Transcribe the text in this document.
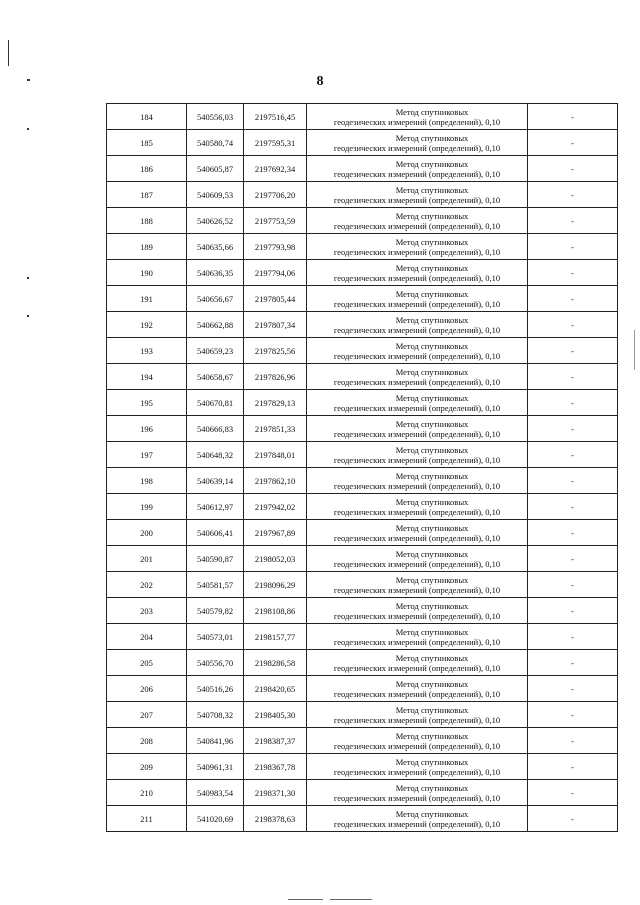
8
184	540556,03	2197516,45	Метод спутниковых
геодезических измерений (определений), 0,10	-
185	540580,74	2197595,31	Метод спутниковых
геодезических измерений (определений), 0,10	-
186	540605,87	2197692,34	Метод спутниковых
геодезических измерений (определений), 0,10	-
187	540609,53	2197706,20	Метод спутниковых
геодезических измерений (определений), 0,10	-
188	540626,52	2197753,59	Метод спутниковых
геодезических измерений (определений), 0,10	-
189	540635,66	2197793,98	Метод спутниковых
геодезических измерений (определений), 0,10	-
190	540636,35	2197794,06	Метод спутниковых
геодезических измерений (определений), 0,10	-
191	540656,67	2197805,44	Метод спутниковых
геодезических измерений (определений), 0,10	-
192	540662,88	2197807,34	Метод спутниковых
геодезических измерений (определений), 0,10	-
193	540659,23	2197825,56	Метод спутниковых
геодезических измерений (определений), 0,10	-
194	540658,67	2197826,96	Метод спутниковых
геодезических измерений (определений), 0,10	-
195	540670,81	2197829,13	Метод спутниковых
геодезических измерений (определений), 0,10	-
196	540666,83	2197851,33	Метод спутниковых
геодезических измерений (определений), 0,10	-
197	540648,32	2197848,01	Метод спутниковых
геодезических измерений (определений), 0,10	-
198	540639,14	2197862,10	Метод спутниковых
геодезических измерений (определений), 0,10	-
199	540612,97	2197942,02	Метод спутниковых
геодезических измерений (определений), 0,10	-
200	540606,41	2197967,89	Метод спутниковых
геодезических измерений (определений), 0,10	-
201	540590,87	2198052,03	Метод спутниковых
геодезических измерений (определений), 0,10	-
202	540581,57	2198096,29	Метод спутниковых
геодезических измерений (определений), 0,10	-
203	540579,82	2198108,86	Метод спутниковых
геодезических измерений (определений), 0,10	-
204	540573,01	2198157,77	Метод спутниковых
геодезических измерений (определений), 0,10	-
205	540556,70	2198286,58	Метод спутниковых
геодезических измерений (определений), 0,10	-
206	540516,26	2198420,65	Метод спутниковых
геодезических измерений (определений), 0,10	-
207	540708,32	2198405,30	Метод спутниковых
геодезических измерений (определений), 0,10	-
208	540841,96	2198387,37	Метод спутниковых
геодезических измерений (определений), 0,10	-
209	540961,31	2198367,78	Метод спутниковых
геодезических измерений (определений), 0,10	-
210	540983,54	2198371,30	Метод спутниковых
геодезических измерений (определений), 0,10	-
211	541020,69	2198378,63	Метод спутниковых
геодезических измерений (определений), 0,10	-
